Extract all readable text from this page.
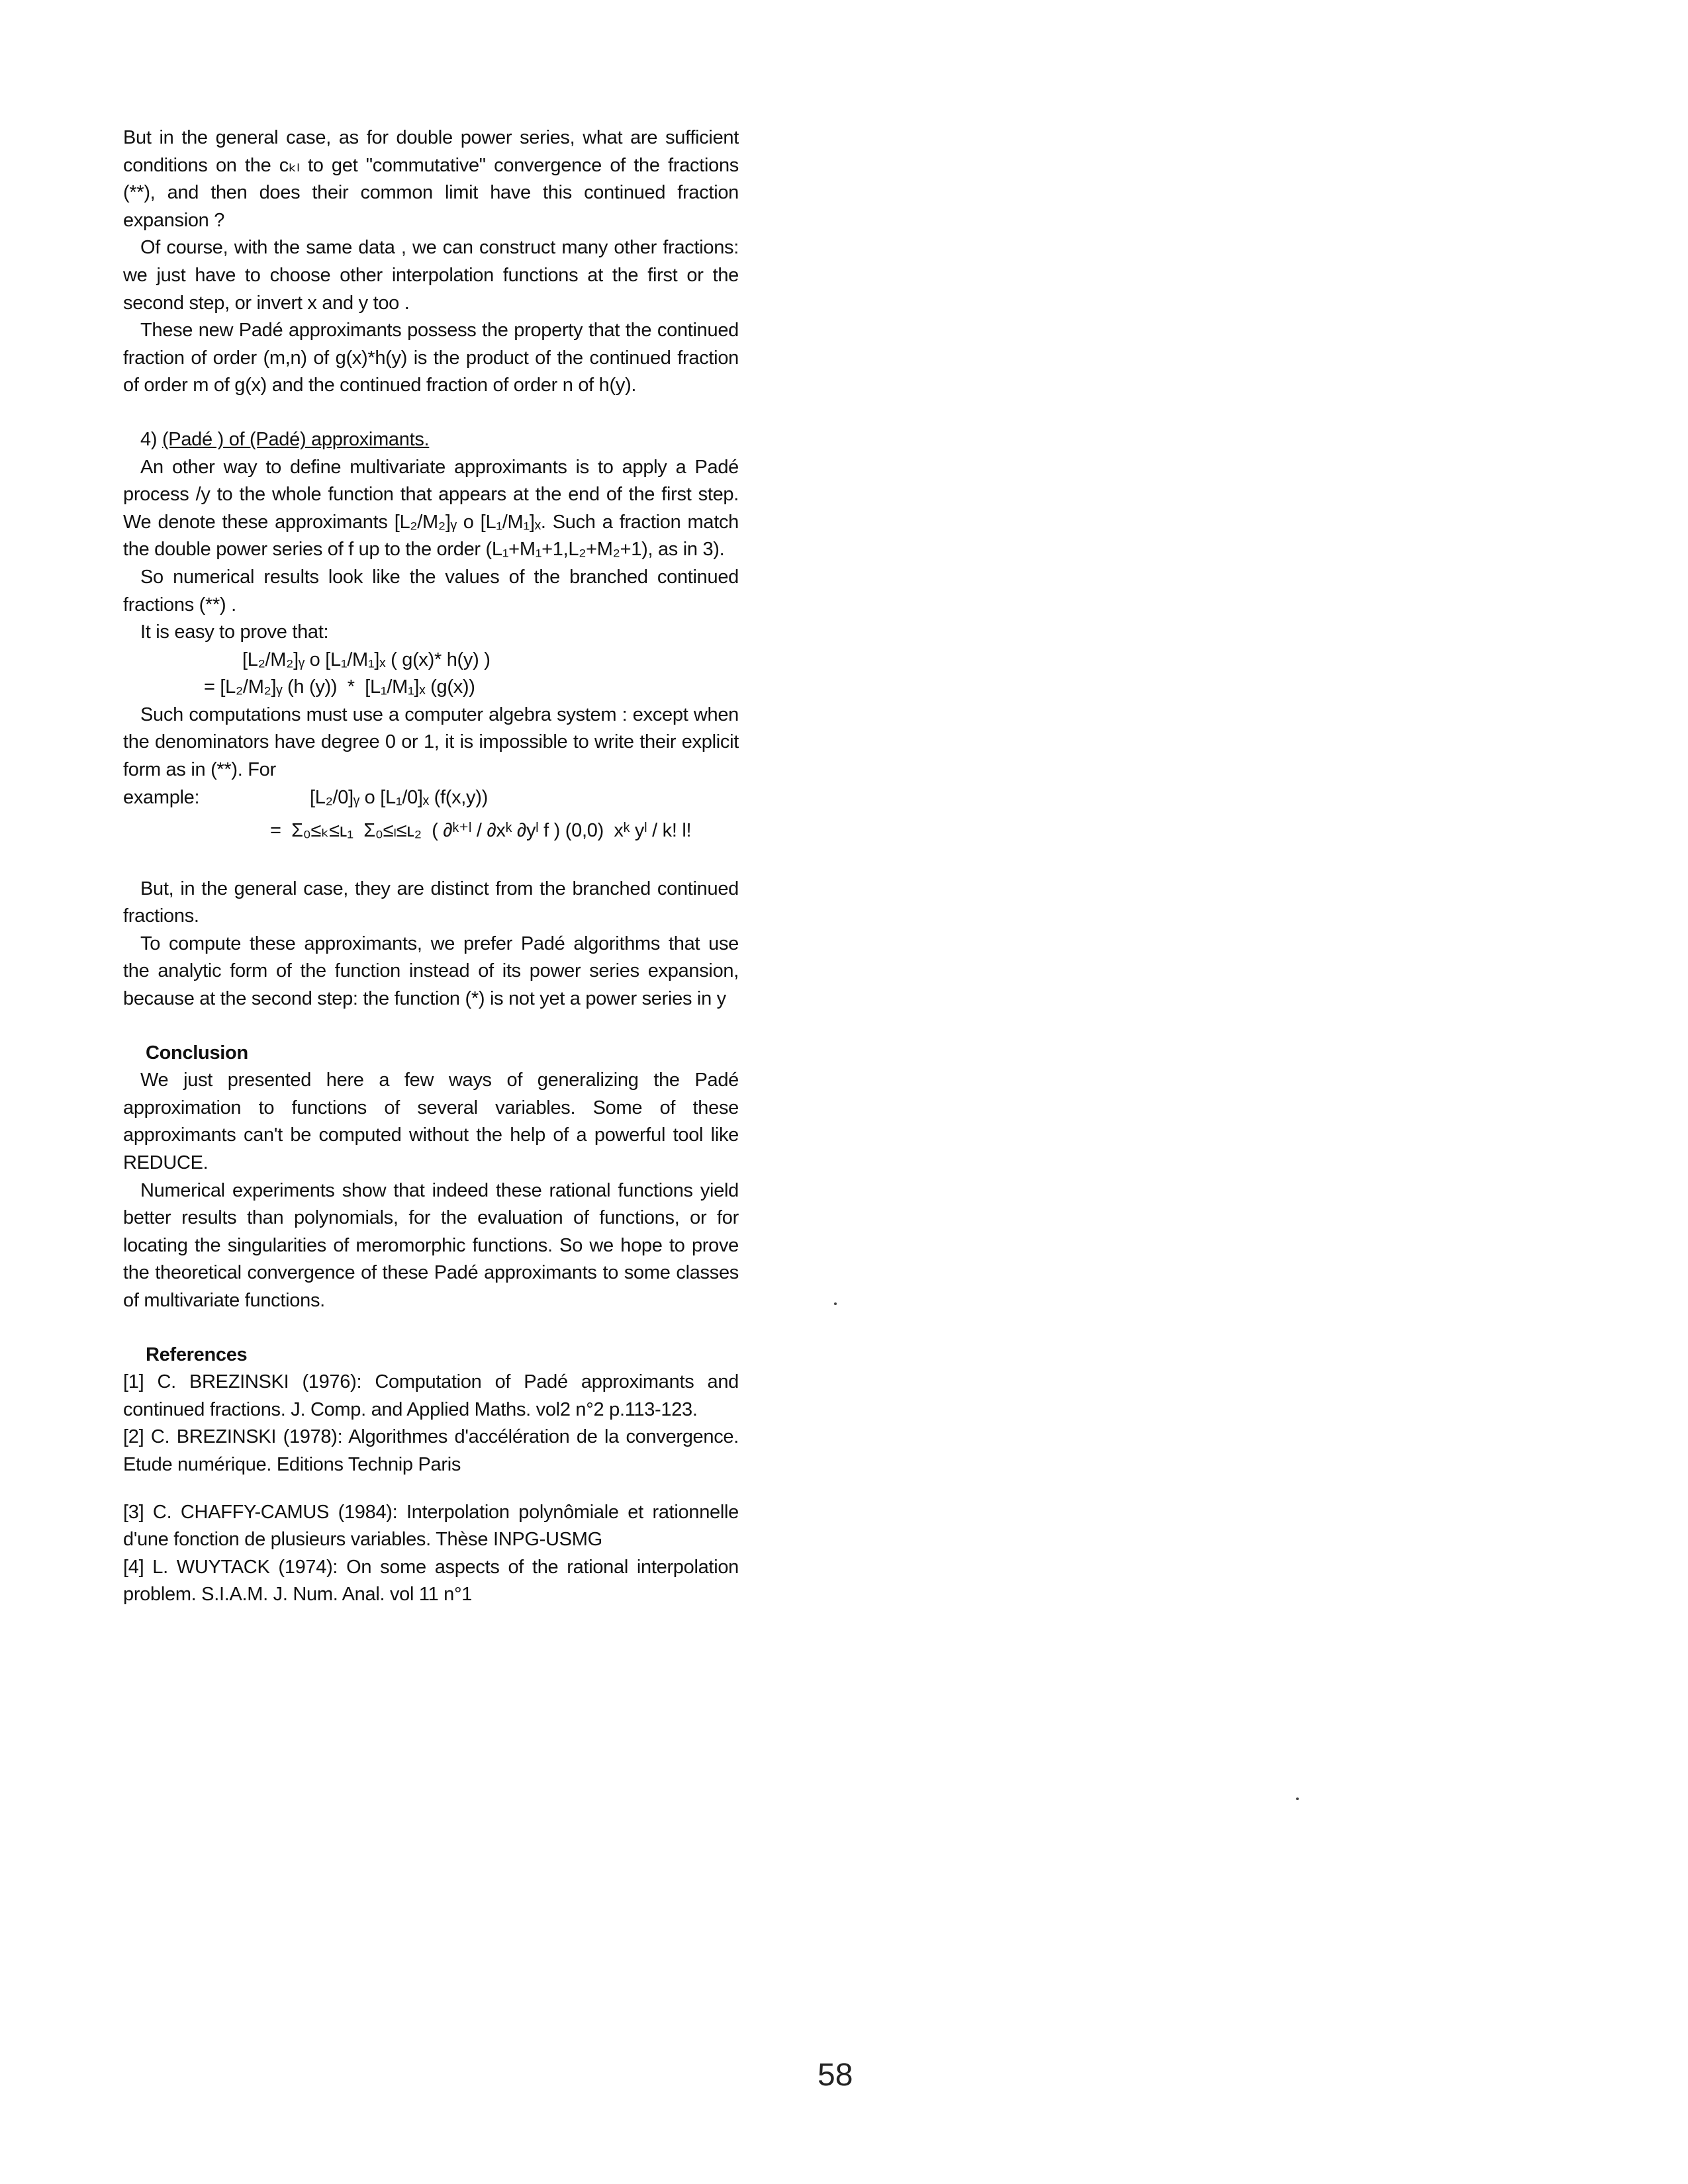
But in the general case, as for double power series, what are sufficient conditions on the cₖₗ to get "commutative" convergence of the fractions (**), and then does their common limit have this continued fraction expansion ?

Of course, with the same data , we can construct many other fractions: we just have to choose other interpolation functions at the first or the second step, or invert x and y too .

These new Padé approximants possess the property that the continued fraction of order (m,n) of g(x)*h(y) is the product of the continued fraction of order m of g(x) and the continued fraction of order n of h(y).

4) (Padé ) of (Padé) approximants.

An other way to define multivariate approximants is to apply a Padé process /y to the whole function that appears at the end of the first step. We denote these approximants [L₂/M₂]ᵧ o [L₁/M₁]ₓ. Such a fraction match the double power series of f up to the order (L₁+M₁+1,L₂+M₂+1), as in 3).

So numerical results look like the values of the branched continued fractions (**) .

It is easy to prove that:

[L₂/M₂]ᵧ o [L₁/M₁]ₓ ( g(x)* h(y) )

= [L₂/M₂]ᵧ (h (y))  *  [L₁/M₁]ₓ (g(x))

Such computations must use a computer algebra system : except when the denominators have degree 0 or 1, it is impossible to write their explicit form as in (**). For

example:	[L₂/0]ᵧ o [L₁/0]ₓ (f(x,y))
=  Σ₀≤ₖ≤ʟ₁  Σ₀≤ₗ≤ʟ₂  ( ∂ᵏ⁺ˡ / ∂xᵏ ∂yˡ f ) (0,0)  xᵏ yˡ / k! l!

But, in the general case, they are distinct from the branched continued fractions.

To compute these approximants, we prefer Padé algorithms that use the analytic form of the function instead of its power series expansion, because at the second step: the function (*) is not yet a power series in y

Conclusion

We just presented here a few ways of generalizing the Padé approximation to functions of several variables. Some of these approximants can't be computed without the help of a powerful tool like REDUCE.

Numerical experiments show that indeed these rational functions yield better results than polynomials, for the evaluation of functions, or for locating the singularities of meromorphic functions. So we hope to prove the theoretical convergence of these Padé approximants to some classes of multivariate functions.

References

[1] C. BREZINSKI (1976): Computation of Padé approximants and continued fractions. J. Comp. and Applied Maths. vol2 n°2 p.113-123.

[2] C. BREZINSKI (1978): Algorithmes d'accélération de la convergence. Etude numérique. Editions Technip Paris

[3] C. CHAFFY-CAMUS (1984): Interpolation polynômiale et rationnelle d'une fonction de plusieurs variables. Thèse INPG-USMG

[4] L. WUYTACK (1974): On some aspects of the rational interpolation problem. S.I.A.M. J. Num. Anal. vol 11 n°1

58
